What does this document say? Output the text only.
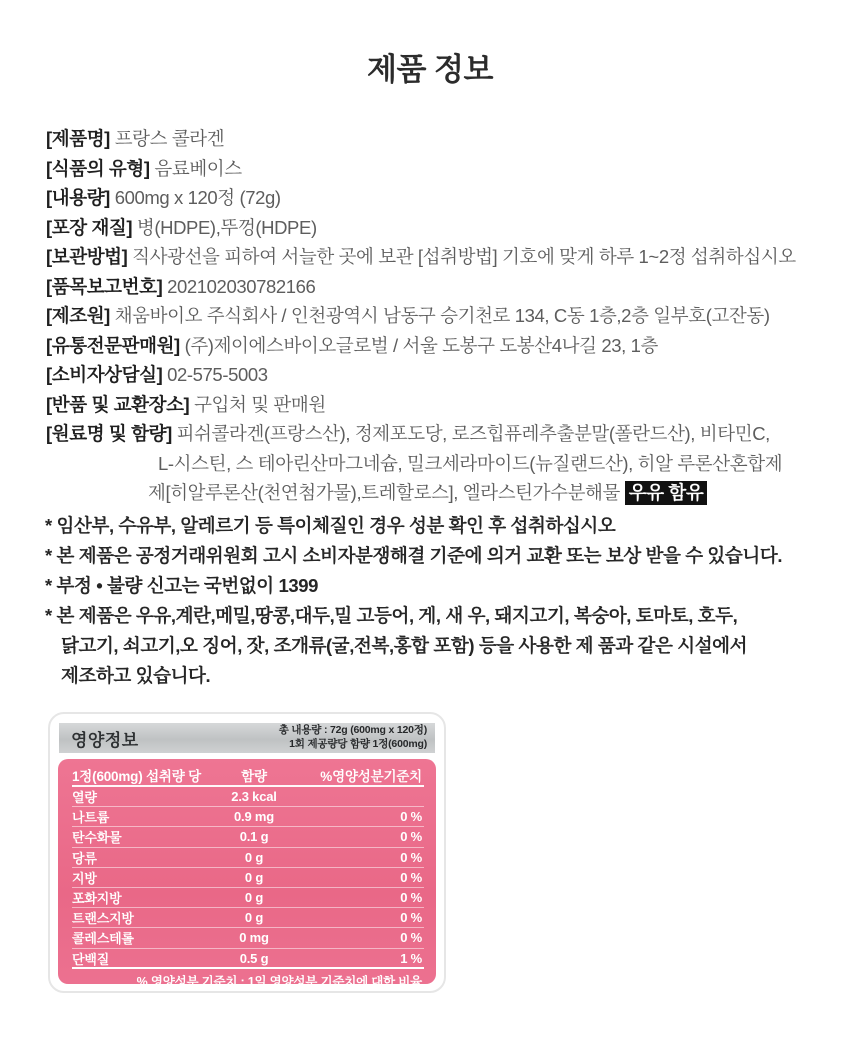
제품 정보
[제품명] 프랑스 콜라겐
[식품의 유형] 음료베이스
[내용량] 600mg x 120정 (72g)
[포장 재질] 병(HDPE),뚜껑(HDPE)
[보관방법] 직사광선을 피하여 서늘한 곳에 보관 [섭취방법] 기호에 맞게 하루 1~2정 섭취하십시오
[품목보고번호] 202102030782166
[제조원] 채움바이오 주식회사 / 인천광역시 남동구 승기천로 134, C동 1층,2층 일부호(고잔동)
[유통전문판매원] (주)제이에스바이오글로벌 / 서울 도봉구 도봉산4나길 23, 1층
[소비자상담실] 02-575-5003
[반품 및 교환장소] 구입처 및 판매원
[원료명 및 함량] 피쉬콜라겐(프랑스산), 정제포도당, 로즈힙퓨레추출분말(폴란드산), 비타민C,
L-시스틴, 스 테아린산마그네슘, 밀크세라마이드(뉴질랜드산), 히알 루론산혼합제
제[히알루론산(천연첨가물),트레할로스], 엘라스틴가수분해물 우유 함유
* 임산부, 수유부, 알레르기 등 특이체질인 경우 성분 확인 후 섭취하십시오
* 본 제품은 공정거래위원회 고시 소비자분쟁해결 기준에 의거 교환 또는 보상 받을 수 있습니다.
* 부정 • 불량 신고는 국번없이 1399
* 본 제품은 우유,계란,메밀,땅콩,대두,밀 고등어, 게, 새 우, 돼지고기, 복숭아, 토마토, 호두,
닭고기, 쇠고기,오 징어, 잣, 조개류(굴,전복,홍합 포함) 등을 사용한 제 품과 같은 시설에서
제조하고 있습니다.
영양정보
총 내용량 : 72g (600mg x 120정)
1회 제공량당 함량 1정(600mg)
1정(600mg) 섭취량 당	함량	%영양성분기준치
열량	2.3 kcal
나트륨	0.9 mg	0 %
탄수화물	0.1 g	0 %
당류	0 g	0 %
지방	0 g	0 %
포화지방	0 g	0 %
트랜스지방	0 g	0 %
콜레스테롤	0 mg	0 %
단백질	0.5 g	1 %
% 영양성분 기준치 : 1일 영양성분 기준치에 대한 비율
